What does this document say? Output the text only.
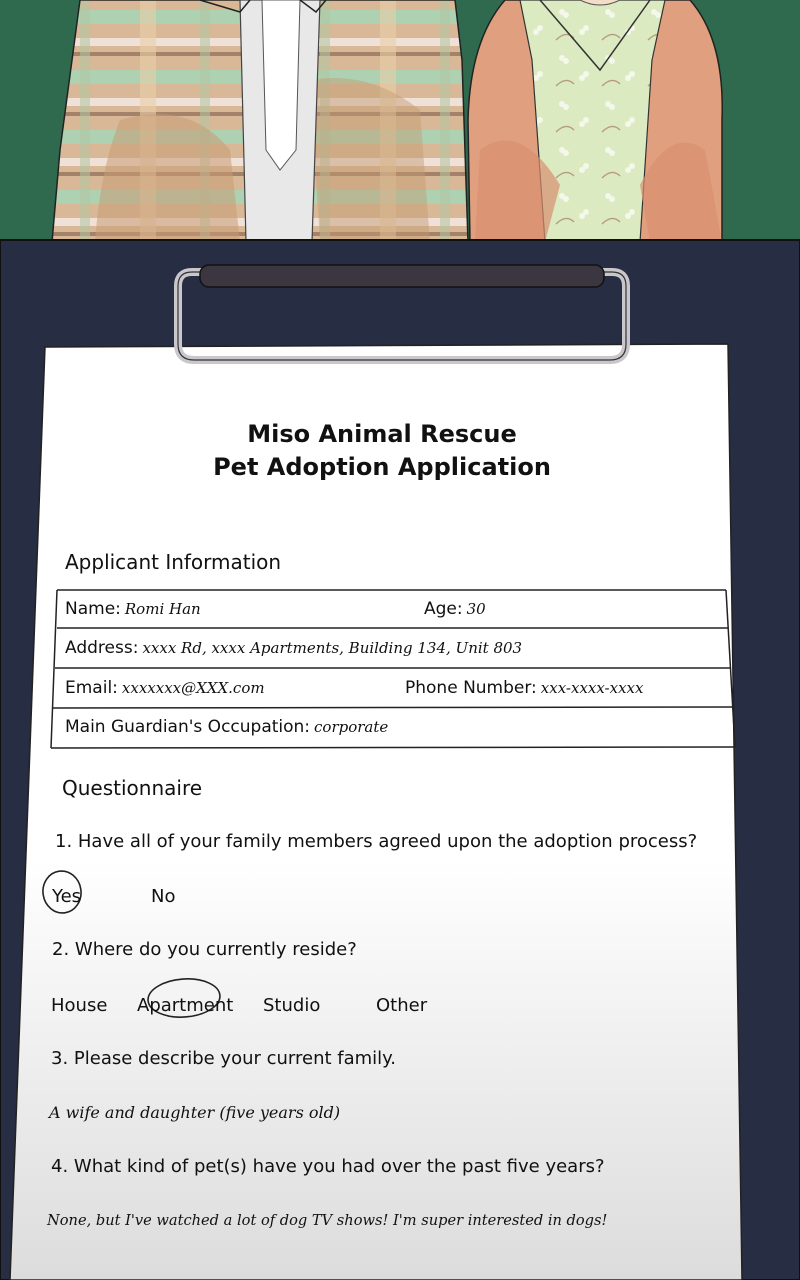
Miso Animal Rescue
Pet Adoption Application
Applicant Information
Name: Romi Han	Age: 30
Address: xxxx Rd, xxxx Apartments, Building 134, Unit 803
Email: xxxxxxx@XXX.com	Phone Number: xxx-xxxx-xxxx
Main Guardian's Occupation: corporate
Questionnaire
1. Have all of your family members agreed upon the adoption process?
Yes	No
2. Where do you currently reside?
House Apartment Studio	Other
3. Please describe your current family.
A wife and daughter (five years old)
4. What kind of pet(s) have you had over the past five years?
None, but I've watched a lot of dog TV shows! I'm super interested in dogs!
